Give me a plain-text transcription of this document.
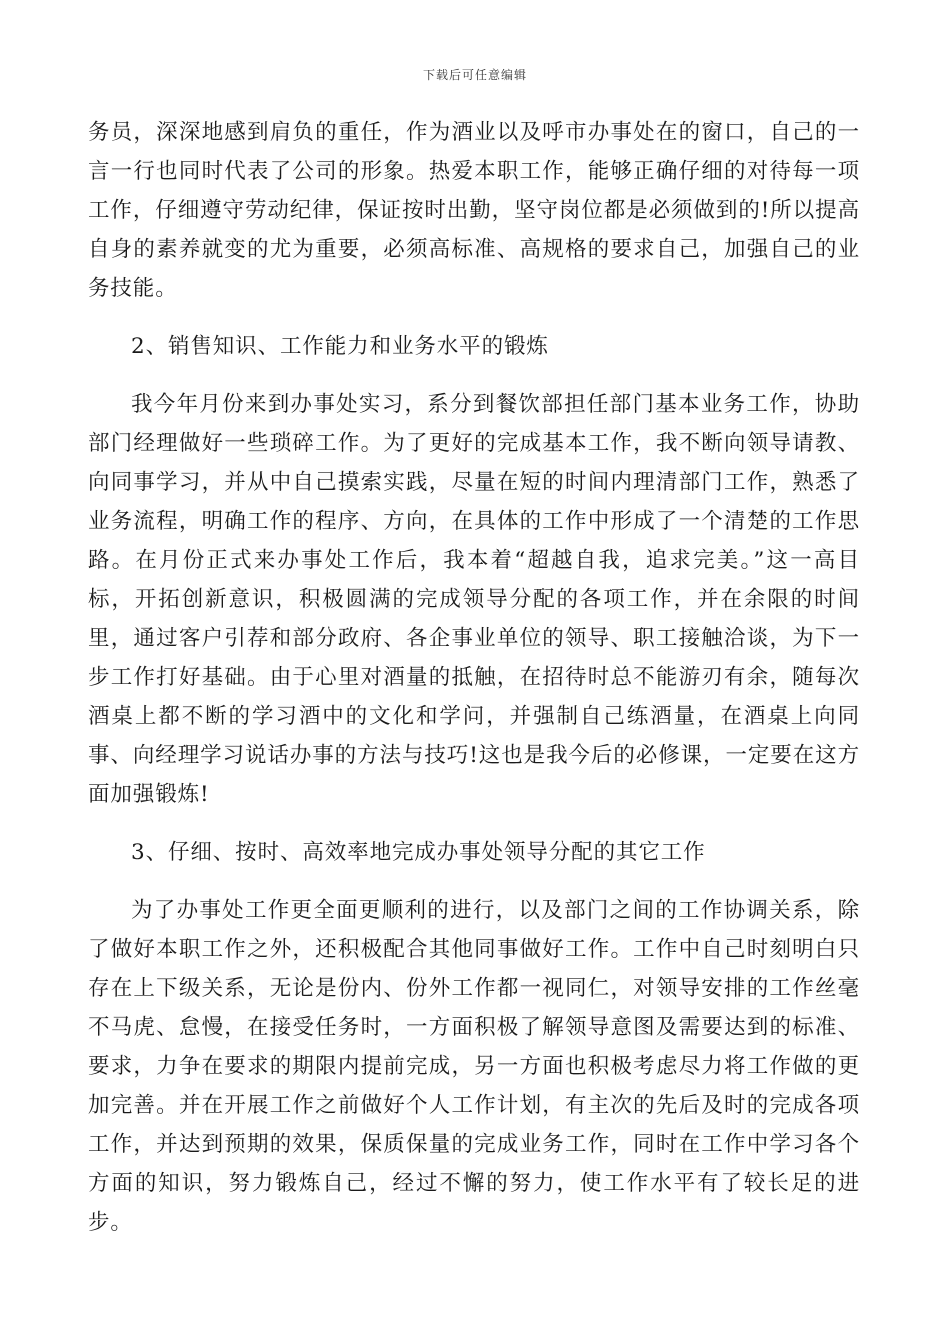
下载后可任意编辑

务员，深深地感到肩负的重任，作为酒业以及呼市办事处在的窗口，自己的一言一行也同时代表了公司的形象。热爱本职工作，能够正确仔细的对待每一项工作，仔细遵守劳动纪律，保证按时出勤，坚守岗位都是必须做到的!所以提高自身的素养就变的尤为重要，必须高标准、高规格的要求自己，加强自己的业务技能。

2、销售知识、工作能力和业务水平的锻炼

我今年月份来到办事处实习，系分到餐饮部担任部门基本业务工作，协助部门经理做好一些琐碎工作。为了更好的完成基本工作，我不断向领导请教、向同事学习，并从中自己摸索实践，尽量在短的时间内理清部门工作，熟悉了业务流程，明确工作的程序、方向，在具体的工作中形成了一个清楚的工作思路。在月份正式来办事处工作后，我本着“超越自我，追求完美。”这一高目标，开拓创新意识，积极圆满的完成领导分配的各项工作，并在余限的时间里，通过客户引荐和部分政府、各企事业单位的领导、职工接触洽谈，为下一步工作打好基础。由于心里对酒量的抵触，在招待时总不能游刃有余，随每次酒桌上都不断的学习酒中的文化和学问，并强制自己练酒量，在酒桌上向同事、向经理学习说话办事的方法与技巧!这也是我今后的必修课，一定要在这方面加强锻炼!

3、仔细、按时、高效率地完成办事处领导分配的其它工作

为了办事处工作更全面更顺利的进行，以及部门之间的工作协调关系，除了做好本职工作之外，还积极配合其他同事做好工作。工作中自己时刻明白只存在上下级关系，无论是份内、份外工作都一视同仁，对领导安排的工作丝毫不马虎、怠慢，在接受任务时，一方面积极了解领导意图及需要达到的标准、要求，力争在要求的期限内提前完成，另一方面也积极考虑尽力将工作做的更加完善。并在开展工作之前做好个人工作计划，有主次的先后及时的完成各项工作，并达到预期的效果，保质保量的完成业务工作，同时在工作中学习各个方面的知识，努力锻炼自己，经过不懈的努力，使工作水平有了较长足的进步。
